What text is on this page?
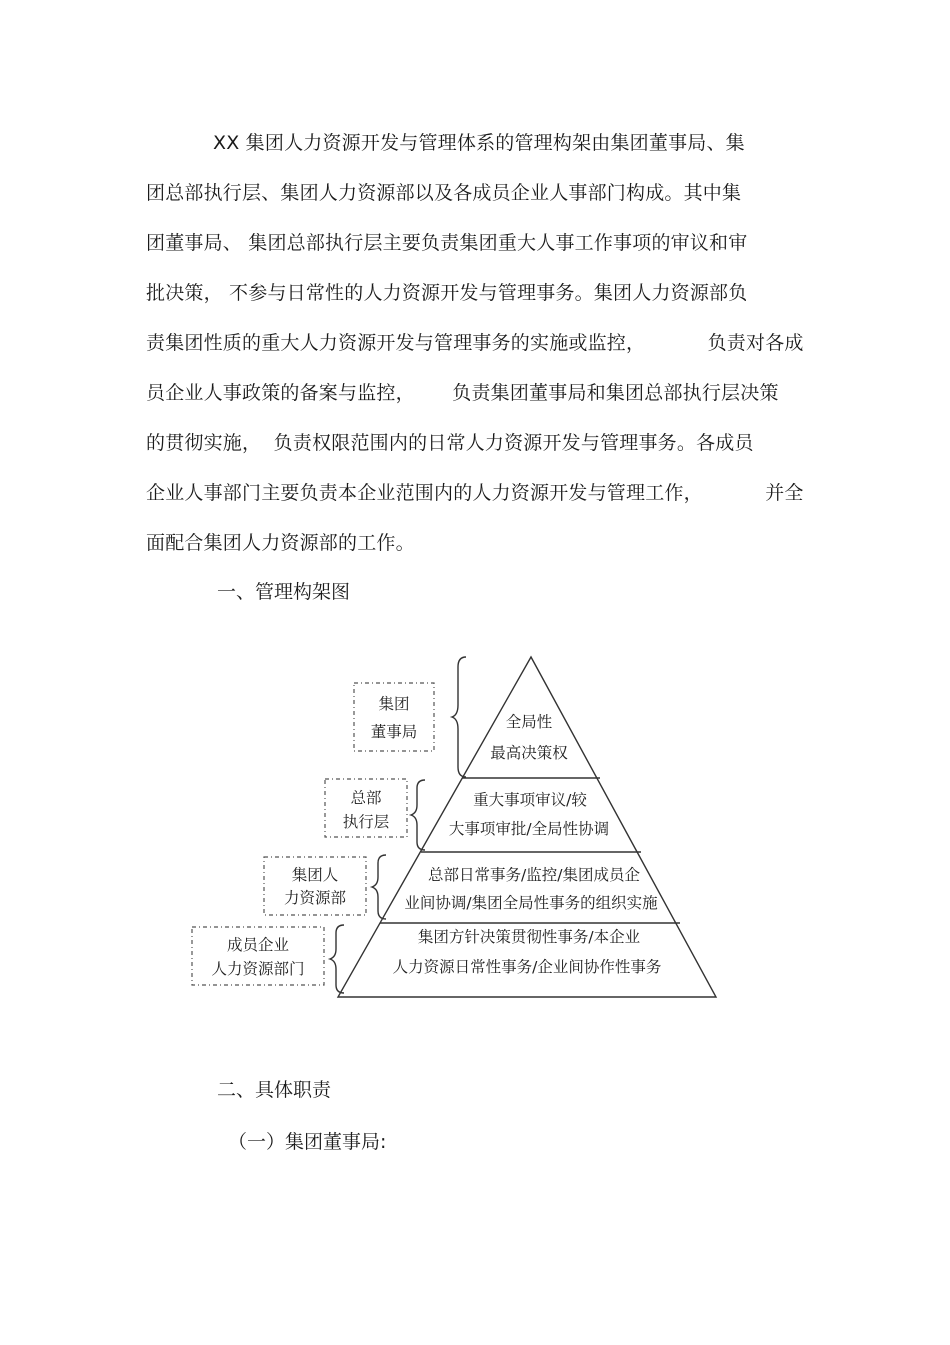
XX 集团人力资源开发与管理体系的管理构架由集团董事局、集
团总部执行层、集团人力资源部以及各成员企业人事部门构成。其中集
团董事局、 集团总部执行层主要负责集团重大人事工作事项的审议和审
批决策， 不参与日常性的人力资源开发与管理事务。集团人力资源部负
责集团性质的重大人力资源开发与管理事务的实施或监控，          负责对各成
员企业人事政策的备案与监控，      负责集团董事局和集团总部执行层决策
的贯彻实施，  负责权限范围内的日常人力资源开发与管理事务。各成员
企业人事部门主要负责本企业范围内的人力资源开发与管理工作，          并全
面配合集团人力资源部的工作。
一、管理构架图
集团
董事局
总部
执行层
集团人
力资源部
成员企业
人力资源部门
全局性
最高决策权
重大事项审议/较
大事项审批/全局性协调
总部日常事务/监控/集团成员企
业间协调/集团全局性事务的组织实施
集团方针决策贯彻性事务/本企业
人力资源日常性事务/企业间协作性事务
二、具体职责
（一）集团董事局:
